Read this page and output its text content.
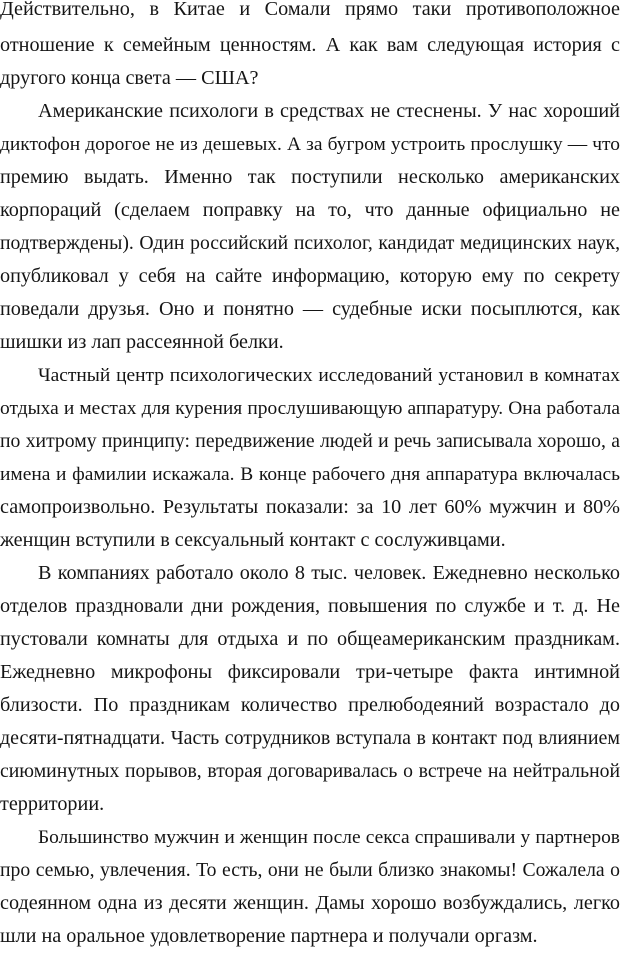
Действительно, в Китае и Сомали прямо таки противоположное
отношение к семейным ценностям. А как вам следующая история с
другого конца света — США?
Американские психологи в средствах не стеснены. У нас хороший
диктофон дорогое не из дешевых. А за бугром устроить прослушку — что
премию выдать. Именно так поступили несколько американских
корпораций (сделаем поправку на то, что данные официально не
подтверждены). Один российский психолог, кандидат медицинских наук,
опубликовал у себя на сайте информацию, которую ему по секрету
поведали друзья. Оно и понятно — судебные иски посыплются, как
шишки из лап рассеянной белки.
Частный центр психологических исследований установил в комнатах
отдыха и местах для курения прослушивающую аппаратуру. Она работала
по хитрому принципу: передвижение людей и речь записывала хорошо, а
имена и фамилии искажала. В конце рабочего дня аппаратура включалась
самопроизвольно. Результаты показали: за 10 лет 60% мужчин и 80%
женщин вступили в сексуальный контакт с сослуживцами.
В компаниях работало около 8 тыс. человек. Ежедневно несколько
отделов праздновали дни рождения, повышения по службе и т. д. Не
пустовали комнаты для отдыха и по общеамериканским праздникам.
Ежедневно микрофоны фиксировали три-четыре факта интимной
близости. По праздникам количество прелюбодеяний возрастало до
десяти-пятнадцати. Часть сотрудников вступала в контакт под влиянием
сиюминутных порывов, вторая договаривалась о встрече на нейтральной
территории.
Большинство мужчин и женщин после секса спрашивали у партнеров
про семью, увлечения. То есть, они не были близко знакомы! Сожалела о
содеянном одна из десяти женщин. Дамы хорошо возбуждались, легко
шли на оральное удовлетворение партнера и получали оргазм.
